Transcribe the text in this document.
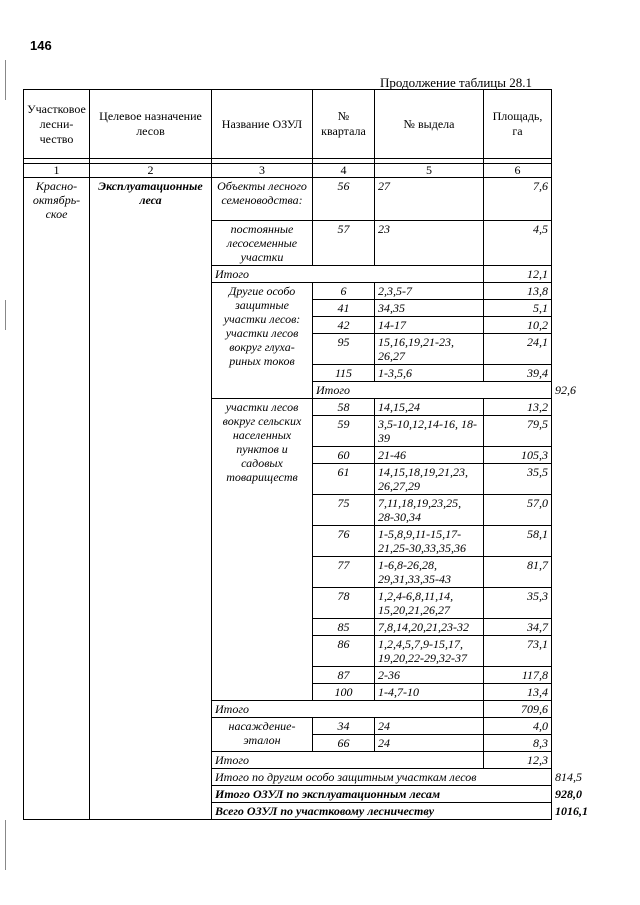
146
Продолжение таблицы 28.1
Участковое лесни-чество	Целевое назначение лесов	Название ОЗУЛ	№ квартала	№ выдела	Площадь, га	

1	2	3	4	5	6	
Красно-октябрь-ское	Эксплуатационные леса	Объекты лесного семеноводства:	56	27	7,6	
		постоянные лесосеменные участки	57	23	4,5	
		Итого			12,1	
		Другие особо защитные участки лесов: участки лесов вокруг глуха-риных токов	6	2,3,5-7	13,8	
			41	34,35	5,1	
			42	14-17	10,2	
			95	15,16,19,21-23, 26,27	24,1	
			115	1-3,5,6	39,4	
			Итого			92,6
		участки лесов вокруг сельских населенных пунктов и садовых товариществ	58	14,15,24	13,2	
			59	3,5-10,12,14-16, 18-39	79,5	
			60	21-46	105,3	
			61	14,15,18,19,21,23, 26,27,29	35,5	
			75	7,11,18,19,23,25, 28-30,34	57,0	
			76	1-5,8,9,11-15,17-21,25-30,33,35,36	58,1	
			77	1-6,8-26,28, 29,31,33,35-43	81,7	
			78	1,2,4-6,8,11,14, 15,20,21,26,27	35,3	
			85	7,8,14,20,21,23-32	34,7	
			86	1,2,4,5,7,9-15,17, 19,20,22-29,32-37	73,1	
			87	2-36	117,8	
			100	1-4,7-10	13,4	
		Итого			709,6	
		насаждение-эталон	34	24	4,0	
			66	24	8,3	
		Итого			12,3	
		Итого по другим особо защитным участкам лесов				814,5
		Итого ОЗУЛ по эксплуатационным лесам				928,0
		Всего ОЗУЛ по участковому лесничеству				1016,1
